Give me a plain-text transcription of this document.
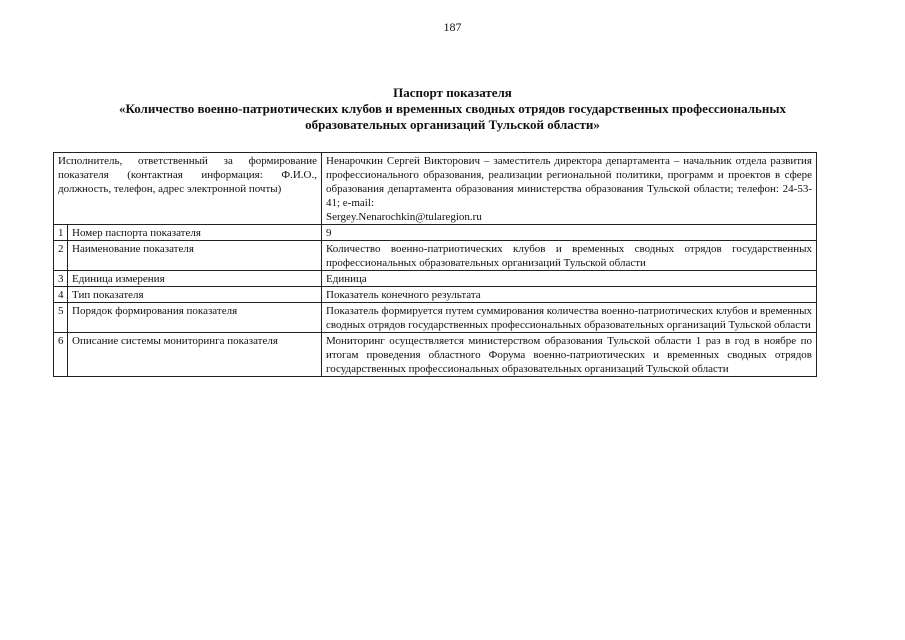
187
Паспорт показателя
«Количество военно-патриотических клубов и временных сводных отрядов государственных профессиональных
образовательных организаций Тульской области»
Исполнитель, ответственный за формирование показателя (контактная информация: Ф.И.О., должность, телефон, адрес электронной почты)		Ненарочкин Сергей Викторович – заместитель директора департамента – начальник отдела развития профессионального образования, реализации региональной политики, программ и проектов в сфере образования департамента образования министерства образования Тульской области; телефон: 24-53-41; e-mail:
Sergey.Nenarochkin@tularegion.ru
1	Номер паспорта показателя	9
2	Наименование показателя	Количество военно-патриотических клубов и временных сводных отрядов государственных профессиональных образовательных организаций Тульской области
3	Единица измерения	Единица
4	Тип показателя	Показатель конечного результата
5	Порядок формирования показателя	Показатель формируется путем суммирования количества военно-патриотических клубов и временных сводных отрядов государственных профессиональных образовательных организаций Тульской области
6	Описание системы мониторинга показателя	Мониторинг осуществляется министерством образования Тульской области 1 раз в год в ноябре по итогам проведения областного Форума военно-патриотических и временных сводных отрядов государственных профессиональных образовательных организаций Тульской области
